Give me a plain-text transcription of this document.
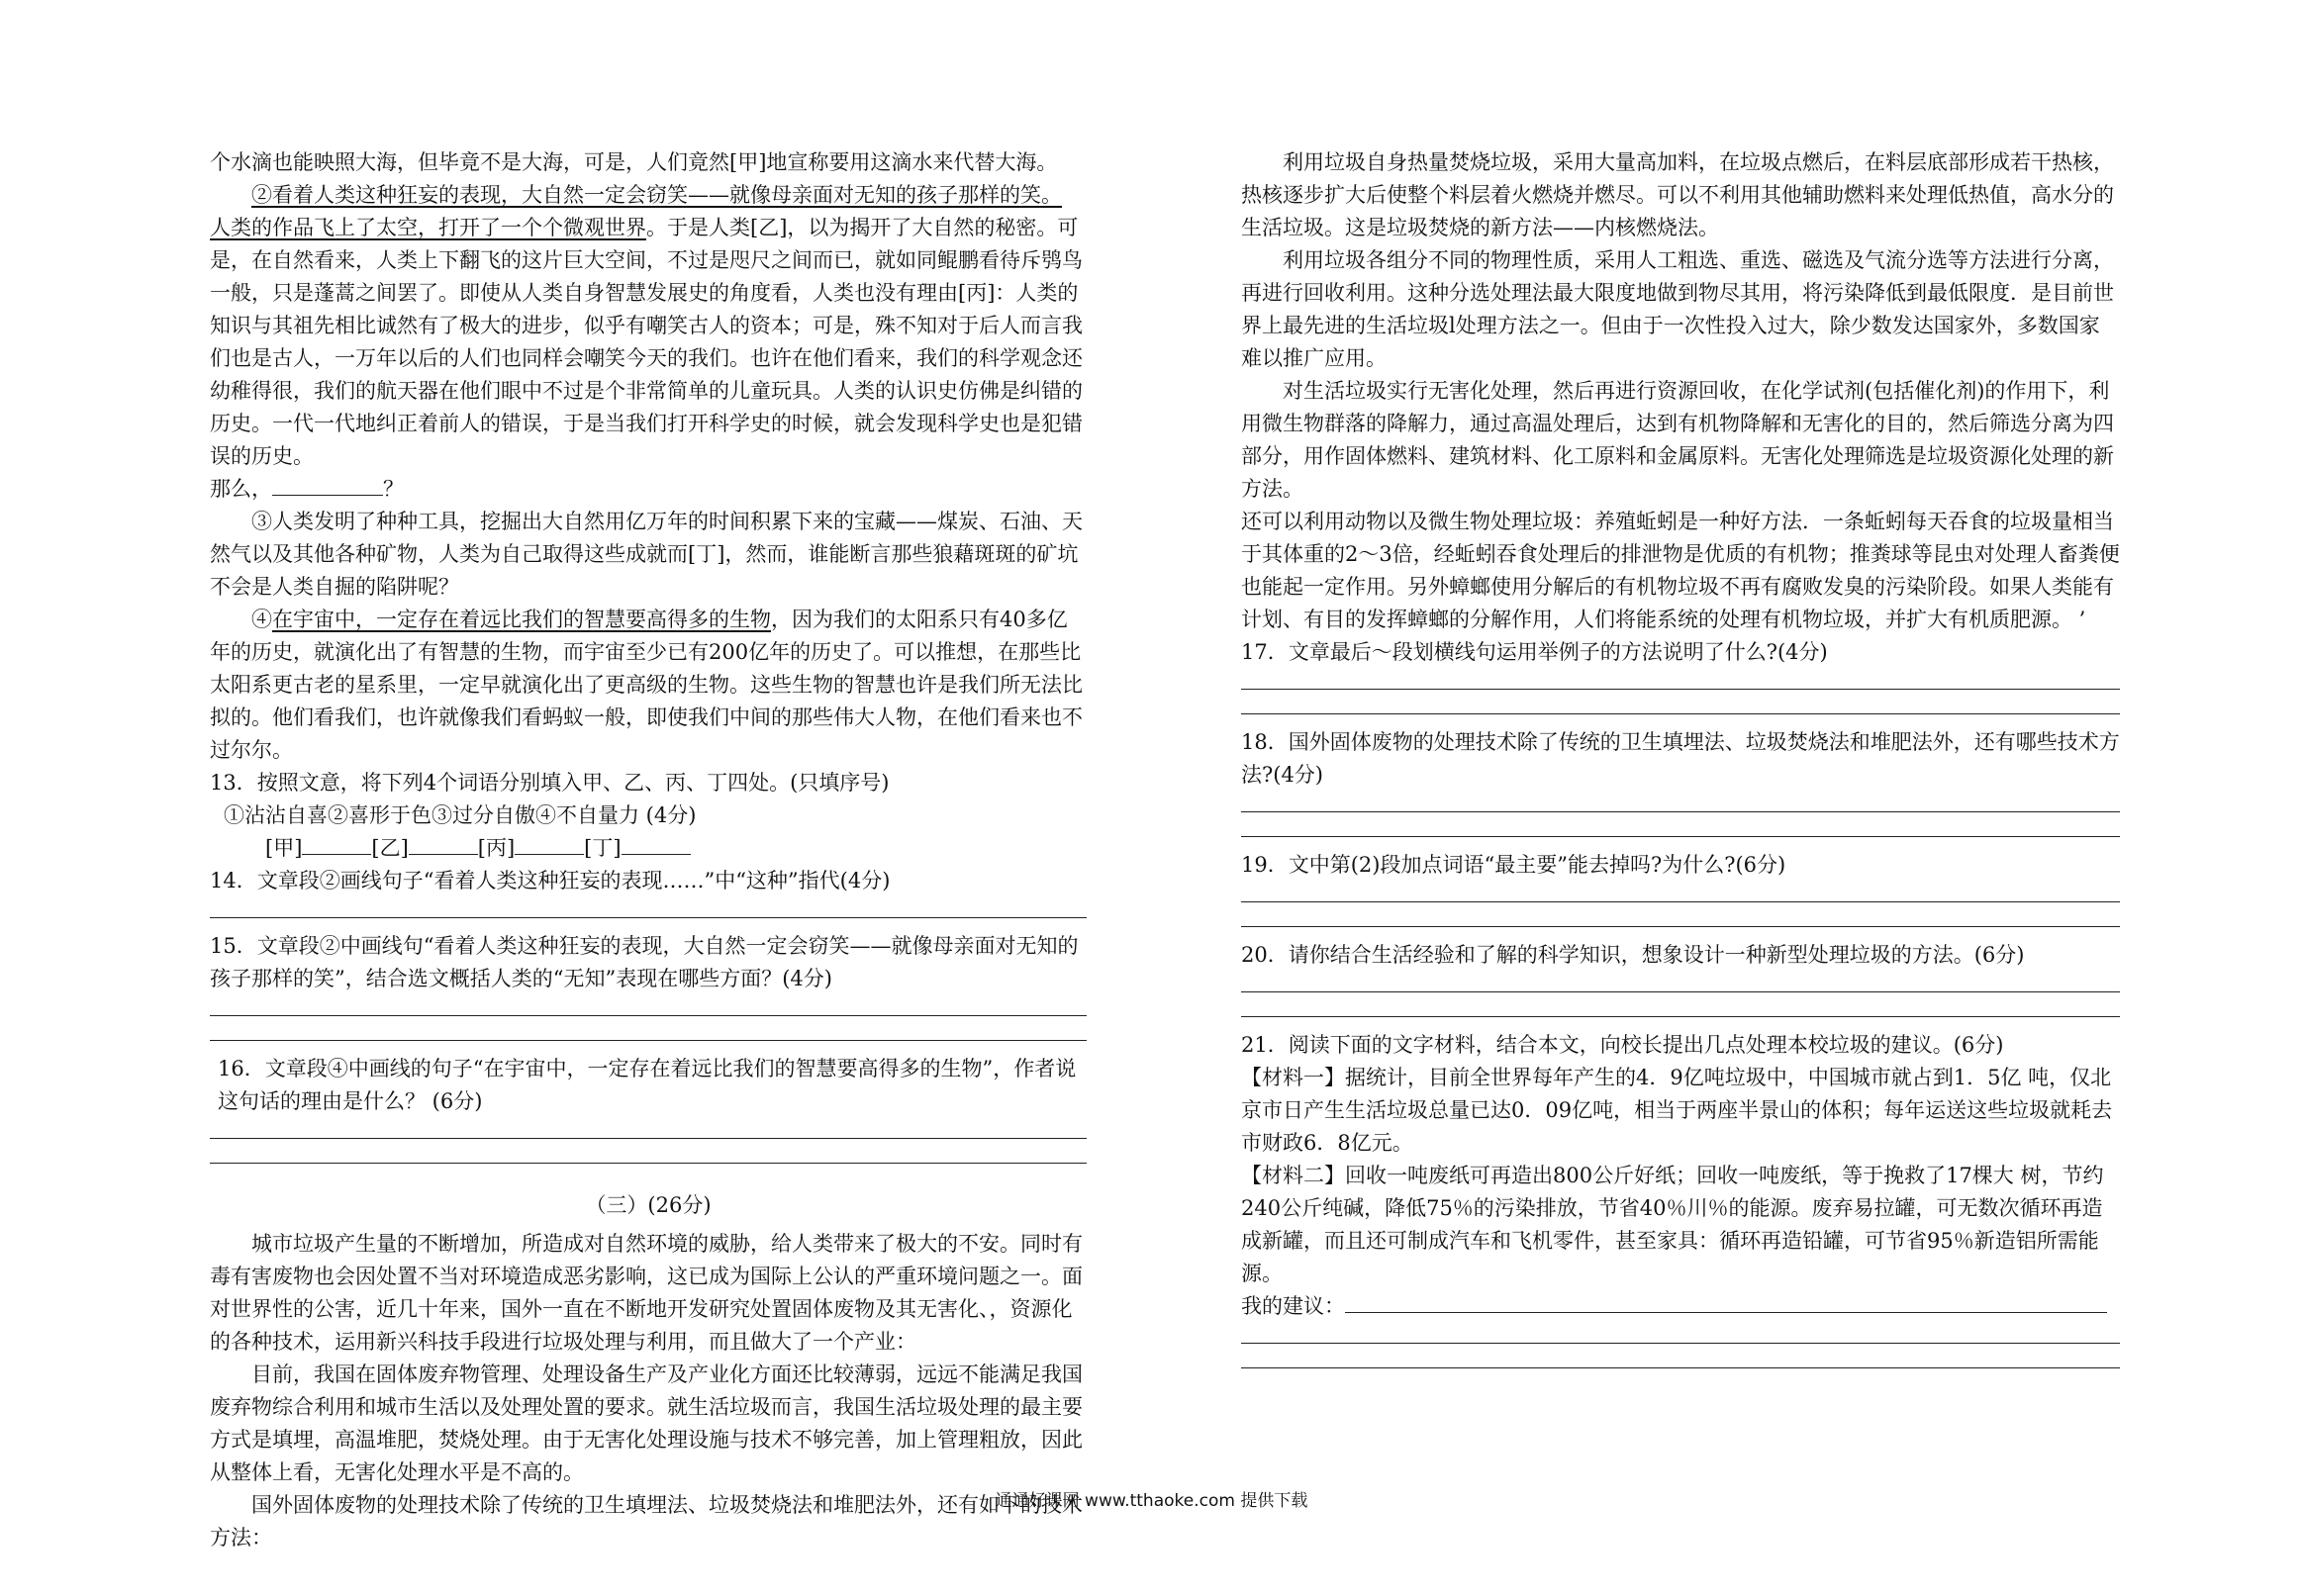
个水滴也能映照大海，但毕竟不是大海，可是，人们竟然[甲]地宣称要用这滴水来代替大海。

②看着人类这种狂妄的表现，大自然一定会窃笑——就像母亲面对无知的孩子那样的笑。
人类的作品飞上了太空，打开了一个个微观世界。于是人类[乙]，以为揭开了大自然的秘密。可是，在自然看来，人类上下翻飞的这片巨大空间，不过是咫尺之间而已，就如同鲲鹏看待斥鸮鸟一般，只是蓬蒿之间罢了。即使从人类自身智慧发展史的角度看，人类也没有理由[丙]：人类的知识与其祖先相比诚然有了极大的进步，似乎有嘲笑古人的资本；可是，殊不知对于后人而言我们也是古人，一万年以后的人们也同样会嘲笑今天的我们。也许在他们看来，我们的科学观念还幼稚得很，我们的航天器在他们眼中不过是个非常简单的儿童玩具。人类的认识史仿佛是纠错的历史。一代一代地纠正着前人的错误，于是当我们打开科学史的时候，就会发现科学史也是犯错误的历史。

那么，	？

③人类发明了种种工具，挖掘出大自然用亿万年的时间积累下来的宝藏——煤炭、石油、天然气以及其他各种矿物，人类为自己取得这些成就而[丁]，然而，谁能断言那些狼藉斑斑的矿坑不会是人类自掘的陷阱呢？

④在宇宙中，一定存在着远比我们的智慧要高得多的生物，因为我们的太阳系只有40多亿年的历史，就演化出了有智慧的生物，而宇宙至少已有200亿年的历史了。可以推想，在那些比太阳系更古老的星系里，一定早就演化出了更高级的生物。这些生物的智慧也许是我们所无法比拟的。他们看我们，也许就像我们看蚂蚁一般，即使我们中间的那些伟大人物，在他们看来也不过尔尔。

13．按照文意，将下列4个词语分别填入甲、乙、丙、丁四处。(只填序号)

①沾沾自喜②喜形于色③过分自傲④不自量力 (4分)

[甲]	[乙]	[丙]	[丁]

14．文章段②画线句子“看着人类这种狂妄的表现……”中“这种”指代(4分)

15．文章段②中画线句“看着人类这种狂妄的表现，大自然一定会窃笑——就像母亲面对无知的孩子那样的笑”，结合选文概括人类的“无知”表现在哪些方面？(4分)

16．文章段④中画线的句子“在宇宙中，一定存在着远比我们的智慧要高得多的生物”，作者说这句话的理由是什么？ (6分)

（三）(26分)

城市垃圾产生量的不断增加，所造成对自然环境的威胁，给人类带来了极大的不安。同时有毒有害废物也会因处置不当对环境造成恶劣影响，这已成为国际上公认的严重环境问题之一。面对世界性的公害，近几十年来，国外一直在不断地开发研究处置固体废物及其无害化、，资源化的各种技术，运用新兴科技手段进行垃圾处理与利用，而且做大了一个产业：

目前，我国在固体废弃物管理、处理设备生产及产业化方面还比较薄弱，远远不能满足我国废弃物综合利用和城市生活以及处理处置的要求。就生活垃圾而言，我国生活垃圾处理的最主要方式是填埋，高温堆肥，焚烧处理。由于无害化处理设施与技术不够完善，加上管理粗放，因此从整体上看，无害化处理水平是不高的。

国外固体废物的处理技术除了传统的卫生填埋法、垃圾焚烧法和堆肥法外，还有如下的技术方法：

利用垃圾自身热量焚烧垃圾，采用大量高加料，在垃圾点燃后，在料层底部形成若干热核，热核逐步扩大后使整个料层着火燃烧并燃尽。可以不利用其他辅助燃料来处理低热值，高水分的生活垃圾。这是垃圾焚烧的新方法——内核燃烧法。

利用垃圾各组分不同的物理性质，采用人工粗选、重选、磁选及气流分选等方法进行分离，再进行回收利用。这种分选处理法最大限度地做到物尽其用，将污染降低到最低限度．是目前世界上最先进的生活垃圾l处理方法之一。但由于一次性投入过大，除少数发达国家外，多数国家难以推广应用。

对生活垃圾实行无害化处理，然后再进行资源回收，在化学试剂(包括催化剂)的作用下，利用微生物群落的降解力，通过高温处理后，达到有机物降解和无害化的目的，然后筛选分离为四部分，用作固体燃料、建筑材料、化工原料和金属原料。无害化处理筛选是垃圾资源化处理的新方法。

还可以利用动物以及微生物处理垃圾：养殖蚯蚓是一种好方法．一条蚯蚓每天吞食的垃圾量相当于其体重的2～3倍，经蚯蚓吞食处理后的排泄物是优质的有机物；推粪球等昆虫对处理人畜粪便也能起一定作用。另外蟑螂使用分解后的有机物垃圾不再有腐败发臭的污染阶段。如果人类能有计划、有目的发挥蟑螂的分解作用，人们将能系统的处理有机物垃圾，并扩大有机质肥源。 ’

17．文章最后～段划横线句运用举例子的方法说明了什么?(4分)

18．国外固体废物的处理技术除了传统的卫生填埋法、垃圾焚烧法和堆肥法外，还有哪些技术方法?(4分)

19．文中第(2)段加点词语“最主要”能去掉吗?为什么?(6分)

20．请你结合生活经验和了解的科学知识，想象设计一种新型处理垃圾的方法。(6分)

21．阅读下面的文字材料，结合本文，向校长提出几点处理本校垃圾的建议。(6分)

【材料一】据统计，目前全世界每年产生的4．9亿吨垃圾中，中国城市就占到1．5亿 吨，仅北京市日产生生活垃圾总量已达0．09亿吨，相当于两座半景山的体积；每年运送这些垃圾就耗去市财政6．8亿元。

【材料二】回收一吨废纸可再造出800公斤好纸；回收一吨废纸，等于挽救了17棵大 树，节约240公斤纯碱，降低75％的污染排放，节省40％川％的能源。废弃易拉罐，可无数次循环再造成新罐，而且还可制成汽车和飞机零件，甚至家具：循环再造铅罐，可节省95％新造铝所需能源。

我的建议：

通通好课网 www.tthaoke.com 提供下载
